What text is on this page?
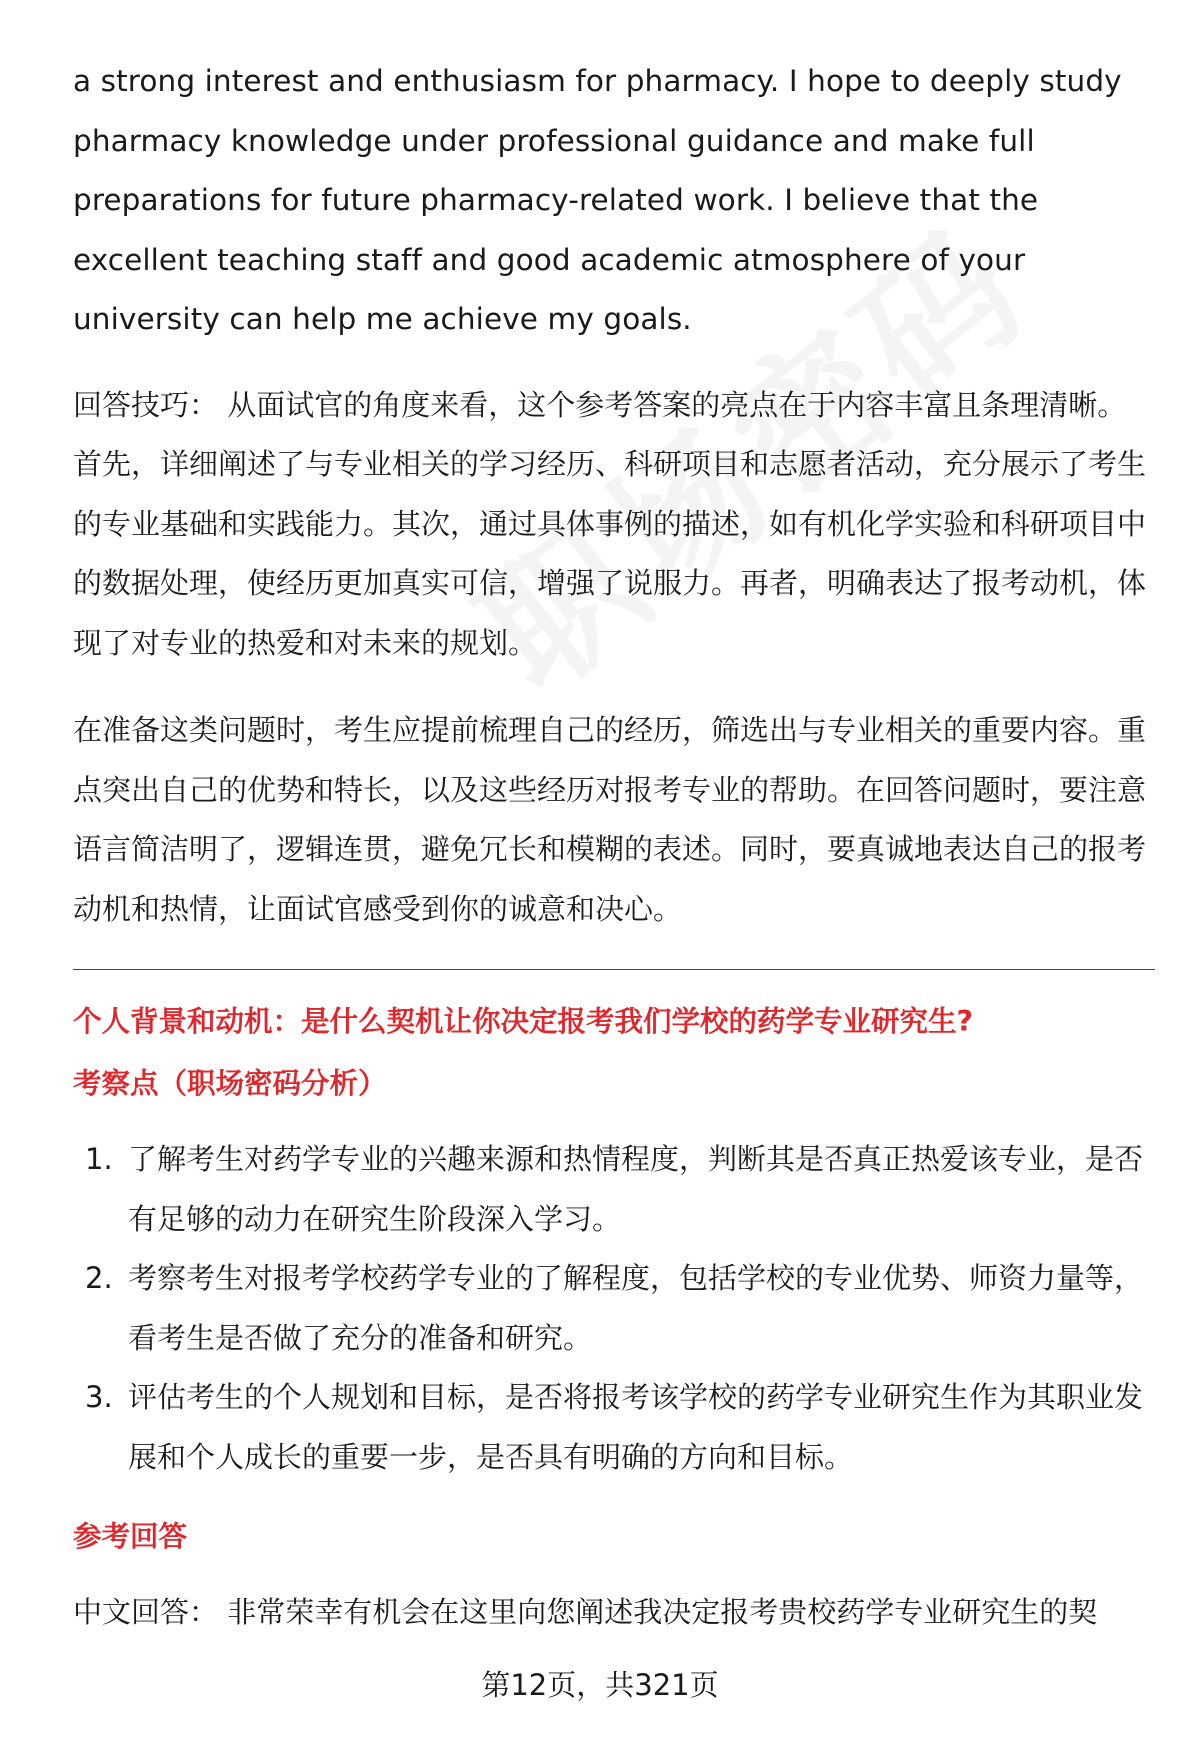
a strong interest and enthusiasm for pharmacy. I hope to deeply study pharmacy knowledge under professional guidance and make full preparations for future pharmacy-related work. I believe that the excellent teaching staff and good academic atmosphere of your university can help me achieve my goals.

回答技巧： 从面试官的角度来看，这个参考答案的亮点在于内容丰富且条理清晰。首先，详细阐述了与专业相关的学习经历、科研项目和志愿者活动，充分展示了考生的专业基础和实践能力。其次，通过具体事例的描述，如有机化学实验和科研项目中的数据处理，使经历更加真实可信，增强了说服力。再者，明确表达了报考动机，体现了对专业的热爱和对未来的规划。

在准备这类问题时，考生应提前梳理自己的经历，筛选出与专业相关的重要内容。重点突出自己的优势和特长，以及这些经历对报考专业的帮助。在回答问题时，要注意语言简洁明了，逻辑连贯，避免冗长和模糊的表述。同时，要真诚地表达自己的报考动机和热情，让面试官感受到你的诚意和决心。

个人背景和动机：是什么契机让你决定报考我们学校的药学专业研究生?

考察点（职场密码分析）

1. 了解考生对药学专业的兴趣来源和热情程度，判断其是否真正热爱该专业，是否有足够的动力在研究生阶段深入学习。
2. 考察考生对报考学校药学专业的了解程度，包括学校的专业优势、师资力量等，看考生是否做了充分的准备和研究。
3. 评估考生的个人规划和目标，是否将报考该学校的药学专业研究生作为其职业发展和个人成长的重要一步，是否具有明确的方向和目标。

参考回答

中文回答： 非常荣幸有机会在这里向您阐述我决定报考贵校药学专业研究生的契

第12页，共321页
